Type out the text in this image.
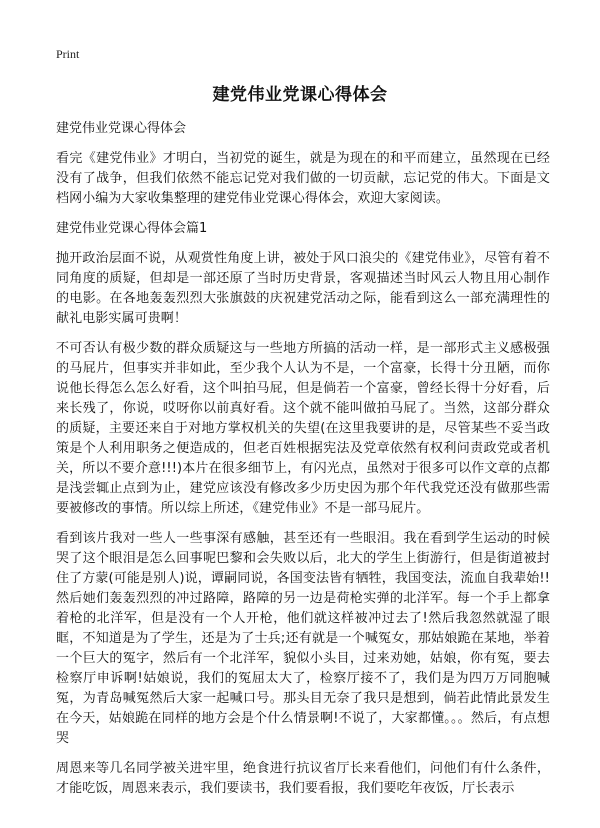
Print
建党伟业党课心得体会

建党伟业党课心得体会

看完《建党伟业》才明白，当初党的诞生，就是为现在的和平而建立，虽然现在已经没有了战争，但我们依然不能忘记党对我们做的一切贡献，忘记党的伟大。下面是文档网小编为大家收集整理的建党伟业党课心得体会，欢迎大家阅读。

建党伟业党课心得体会篇1

抛开政治层面不说，从观赏性角度上讲，被处于风口浪尖的《建党伟业》，尽管有着不同角度的质疑，但却是一部还原了当时历史背景，客观描述当时风云人物且用心制作的电影。在各地轰轰烈烈大张旗鼓的庆祝建党活动之际，能看到这么一部充满理性的献礼电影实属可贵啊！

不可否认有极少数的群众质疑这与一些地方所搞的活动一样，是一部形式主义感极强的马屁片，但事实并非如此，至少我个人认为不是，一个富豪，长得十分丑陋，而你说他长得怎么怎么好看，这个叫拍马屁，但是倘若一个富豪，曾经长得十分好看，后来长残了，你说，哎呀你以前真好看。这个就不能叫做拍马屁了。当然，这部分群众的质疑，主要还来自于对地方掌权机关的失望(在这里我要讲的是，尽管某些不妥当政策是个人利用职务之便造成的，但老百姓根据宪法及党章依然有权利问责政党或者机关，所以不要介意!!!)本片在很多细节上，有闪光点，虽然对于很多可以作文章的点都是浅尝辄止点到为止，建党应该没有修改多少历史因为那个年代我党还没有做那些需要被修改的事情。所以综上所述，《建党伟业》不是一部马屁片。

看到该片我对一些人一些事深有感触，甚至还有一些眼泪。我在看到学生运动的时候哭了这个眼泪是怎么回事呢巴黎和会失败以后，北大的学生上街游行，但是街道被封住了方蒙(可能是别人)说，谭嗣同说，各国变法皆有牺牲，我国变法，流血自我辈始!!然后她们轰轰烈烈的冲过路障，路障的另一边是荷枪实弹的北洋军。每一个手上都拿着枪的北洋军，但是没有一个人开枪，他们就这样被冲过去了!然后我忽然就湿了眼眶，不知道是为了学生，还是为了士兵;还有就是一个喊冤女，那姑娘跪在某地，举着一个巨大的冤字，然后有一个北洋军，貌似小头目，过来劝她，姑娘，你有冤，要去检察厅申诉啊!姑娘说，我们的冤屈太大了，检察厅接不了，我们是为四万万同胞喊冤，为青岛喊冤然后大家一起喊口号。那头目无奈了我只是想到，倘若此情此景发生在今天，姑娘跪在同样的地方会是个什么情景啊!不说了，大家都懂。。。然后，有点想哭

周恩来等几名同学被关进牢里，绝食进行抗议省厅长来看他们，问他们有什么条件，才能吃饭，周恩来表示，我们要读书，我们要看报，我们要吃年夜饭，厅长表示
